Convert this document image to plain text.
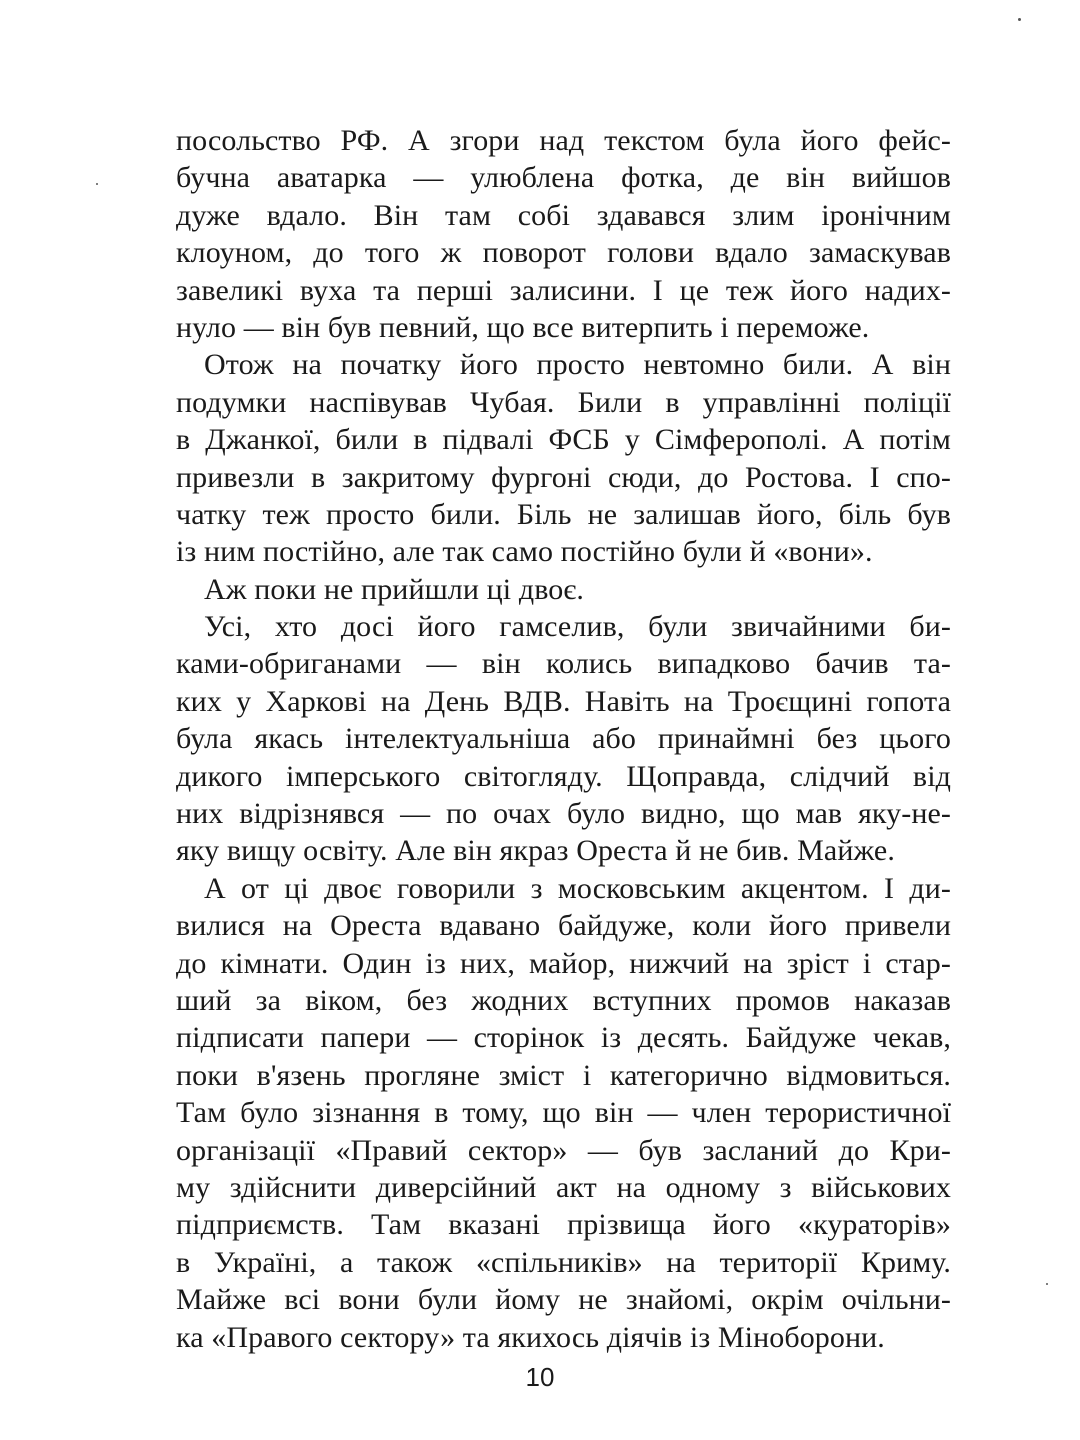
посольство РФ. А згори над текстом була його фейс-
бучна аватарка — улюблена фотка, де він вийшов
дуже вдало. Він там собі здавався злим іронічним
клоуном, до того ж поворот голови вдало замаскував
завеликі вуха та перші залисини. І це теж його надих-
нуло — він був певний, що все витерпить і переможе.
Отож на початку його просто невтомно били. А він
подумки наспівував Чубая. Били в управлінні поліції
в Джанкої, били в підвалі ФСБ у Сімферополі. А потім
привезли в закритому фургоні сюди, до Ростова. І спо-
чатку теж просто били. Біль не залишав його, біль був
із ним постійно, але так само постійно були й «вони».
Аж поки не прийшли ці двоє.
Усі, хто досі його гамселив, були звичайними би-
ками-обриганами — він колись випадково бачив та-
ких у Харкові на День ВДВ. Навіть на Троєщині гопота
була якась інтелектуальніша або принаймні без цього
дикого імперського світогляду. Щоправда, слідчий від
них відрізнявся — по очах було видно, що мав яку-не-
яку вищу освіту. Але він якраз Ореста й не бив. Майже.
А от ці двоє говорили з московським акцентом. І ди-
вилися на Ореста вдавано байдуже, коли його привели
до кімнати. Один із них, майор, нижчий на зріст і стар-
ший за віком, без жодних вступних промов наказав
підписати папери — сторінок із десять. Байдуже чекав,
поки в'язень прогляне зміст і категорично відмовиться.
Там було зізнання в тому, що він — член терористичної
організації «Правий сектор» — був засланий до Кри-
му здійснити диверсійний акт на одному з військових
підприємств. Там вказані прізвища його «кураторів»
в Україні, а також «спільників» на території Криму.
Майже всі вони були йому не знайомі, окрім очільни-
ка «Правого сектору» та якихось діячів із Міноборони.
10
